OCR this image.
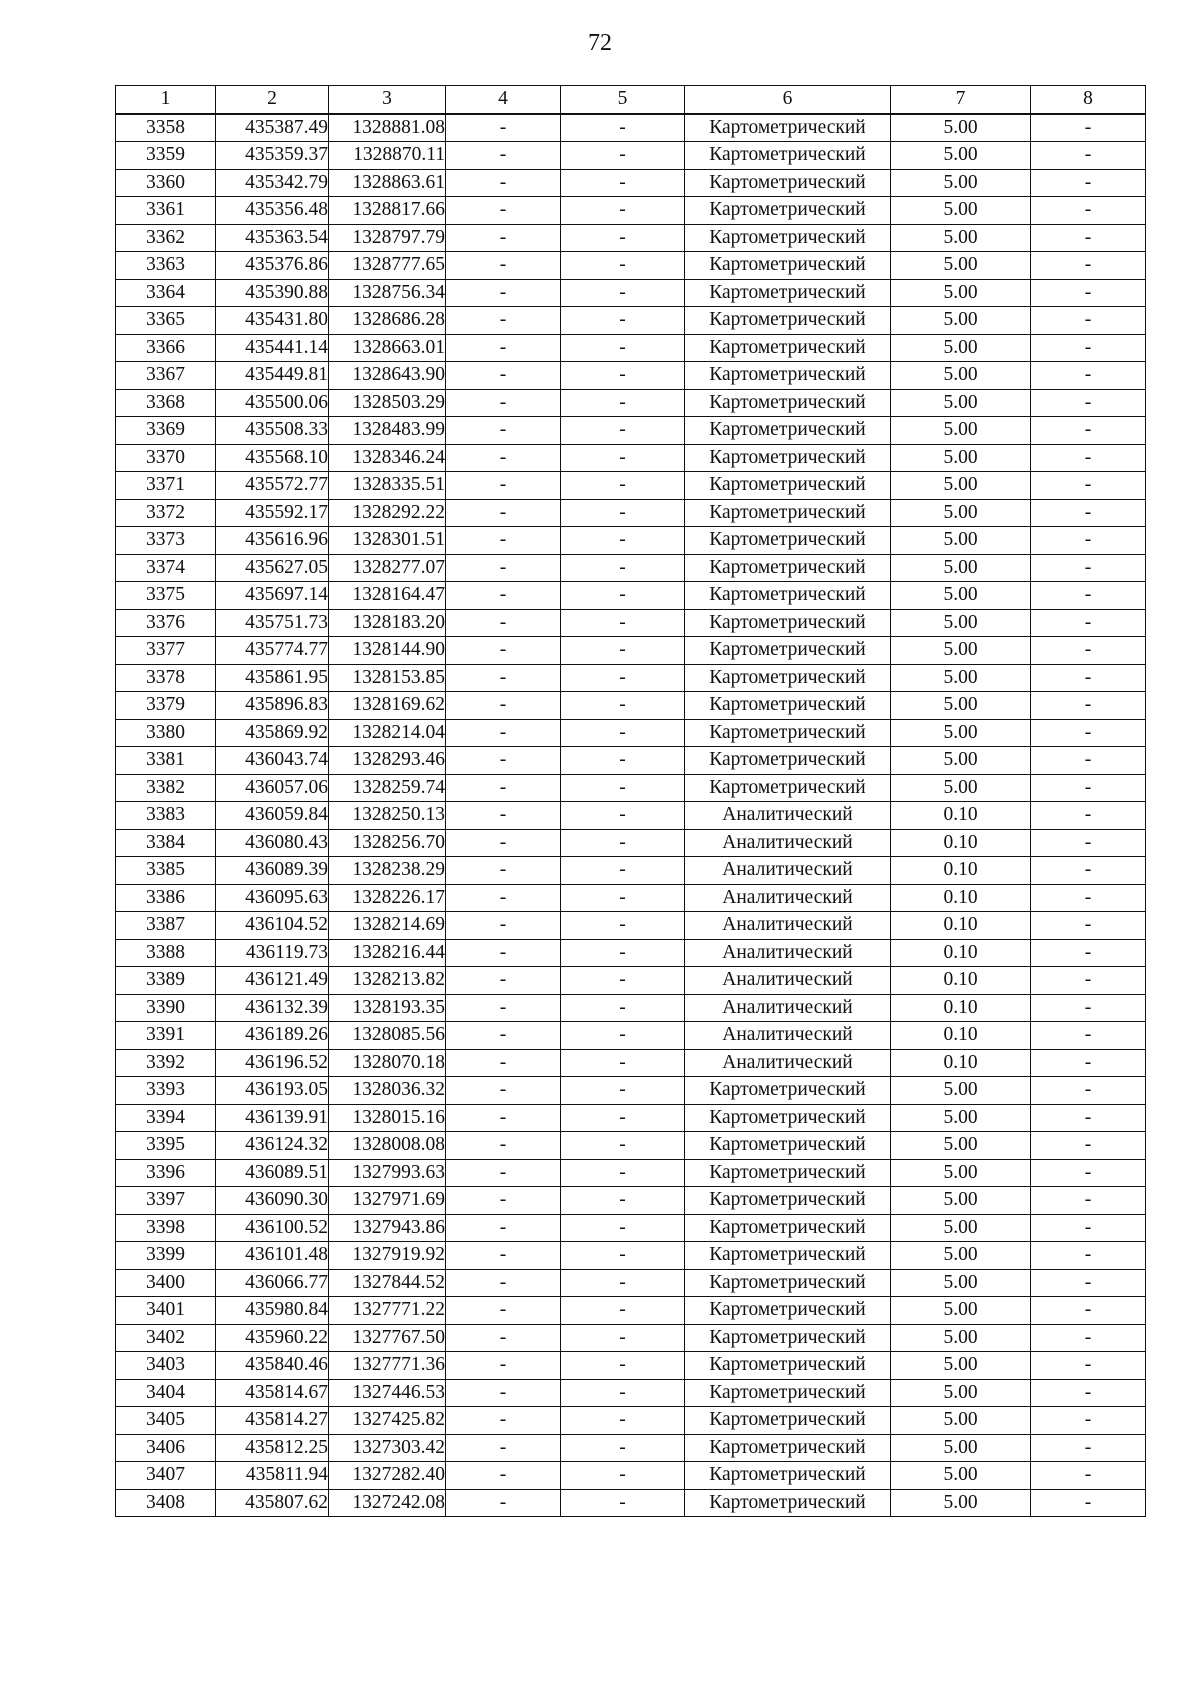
72
1	2	3	4	5	6	7	8
3358	435387.49	1328881.08	-	-	Картометрический	5.00	-
3359	435359.37	1328870.11	-	-	Картометрический	5.00	-
3360	435342.79	1328863.61	-	-	Картометрический	5.00	-
3361	435356.48	1328817.66	-	-	Картометрический	5.00	-
3362	435363.54	1328797.79	-	-	Картометрический	5.00	-
3363	435376.86	1328777.65	-	-	Картометрический	5.00	-
3364	435390.88	1328756.34	-	-	Картометрический	5.00	-
3365	435431.80	1328686.28	-	-	Картометрический	5.00	-
3366	435441.14	1328663.01	-	-	Картометрический	5.00	-
3367	435449.81	1328643.90	-	-	Картометрический	5.00	-
3368	435500.06	1328503.29	-	-	Картометрический	5.00	-
3369	435508.33	1328483.99	-	-	Картометрический	5.00	-
3370	435568.10	1328346.24	-	-	Картометрический	5.00	-
3371	435572.77	1328335.51	-	-	Картометрический	5.00	-
3372	435592.17	1328292.22	-	-	Картометрический	5.00	-
3373	435616.96	1328301.51	-	-	Картометрический	5.00	-
3374	435627.05	1328277.07	-	-	Картометрический	5.00	-
3375	435697.14	1328164.47	-	-	Картометрический	5.00	-
3376	435751.73	1328183.20	-	-	Картометрический	5.00	-
3377	435774.77	1328144.90	-	-	Картометрический	5.00	-
3378	435861.95	1328153.85	-	-	Картометрический	5.00	-
3379	435896.83	1328169.62	-	-	Картометрический	5.00	-
3380	435869.92	1328214.04	-	-	Картометрический	5.00	-
3381	436043.74	1328293.46	-	-	Картометрический	5.00	-
3382	436057.06	1328259.74	-	-	Картометрический	5.00	-
3383	436059.84	1328250.13	-	-	Аналитический	0.10	-
3384	436080.43	1328256.70	-	-	Аналитический	0.10	-
3385	436089.39	1328238.29	-	-	Аналитический	0.10	-
3386	436095.63	1328226.17	-	-	Аналитический	0.10	-
3387	436104.52	1328214.69	-	-	Аналитический	0.10	-
3388	436119.73	1328216.44	-	-	Аналитический	0.10	-
3389	436121.49	1328213.82	-	-	Аналитический	0.10	-
3390	436132.39	1328193.35	-	-	Аналитический	0.10	-
3391	436189.26	1328085.56	-	-	Аналитический	0.10	-
3392	436196.52	1328070.18	-	-	Аналитический	0.10	-
3393	436193.05	1328036.32	-	-	Картометрический	5.00	-
3394	436139.91	1328015.16	-	-	Картометрический	5.00	-
3395	436124.32	1328008.08	-	-	Картометрический	5.00	-
3396	436089.51	1327993.63	-	-	Картометрический	5.00	-
3397	436090.30	1327971.69	-	-	Картометрический	5.00	-
3398	436100.52	1327943.86	-	-	Картометрический	5.00	-
3399	436101.48	1327919.92	-	-	Картометрический	5.00	-
3400	436066.77	1327844.52	-	-	Картометрический	5.00	-
3401	435980.84	1327771.22	-	-	Картометрический	5.00	-
3402	435960.22	1327767.50	-	-	Картометрический	5.00	-
3403	435840.46	1327771.36	-	-	Картометрический	5.00	-
3404	435814.67	1327446.53	-	-	Картометрический	5.00	-
3405	435814.27	1327425.82	-	-	Картометрический	5.00	-
3406	435812.25	1327303.42	-	-	Картометрический	5.00	-
3407	435811.94	1327282.40	-	-	Картометрический	5.00	-
3408	435807.62	1327242.08	-	-	Картометрический	5.00	-
